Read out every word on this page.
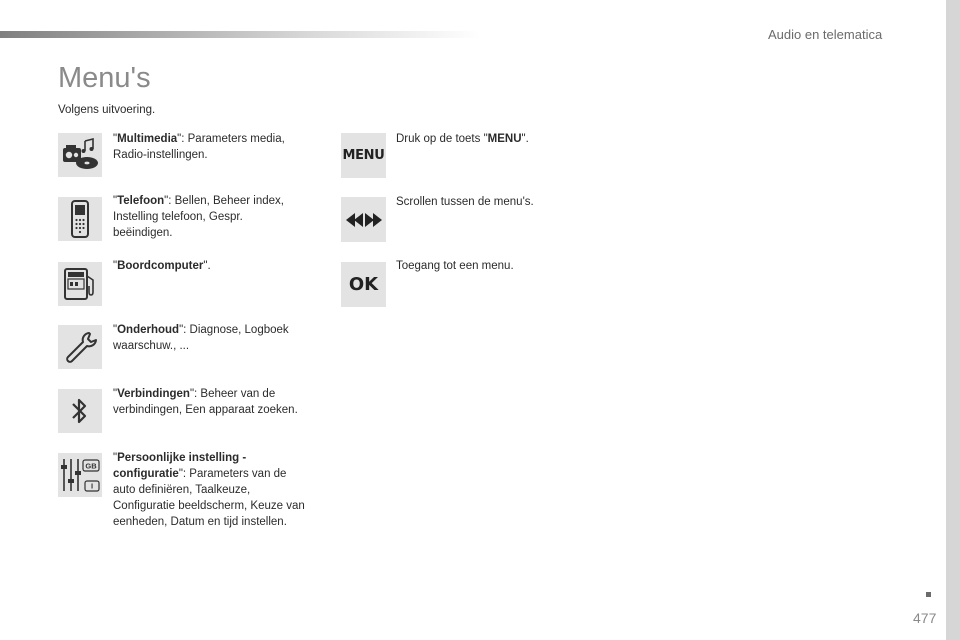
Audio en telematica
Menu's
Volgens uitvoering.
"Multimedia": Parameters media, Radio-instellingen.
"Telefoon": Bellen, Beheer index, Instelling telefoon, Gespr. beëindigen.
"Boordcomputer".
"Onderhoud": Diagnose, Logboek waarschuw., ...
"Verbindingen": Beheer van de verbindingen, Een apparaat zoeken.
GB
I
"Persoonlijke instelling - configuratie": Parameters van de auto definiëren, Taalkeuze, Configuratie beeldscherm, Keuze van eenheden, Datum en tijd instellen.
MENU
Druk op de toets "MENU".
Scrollen tussen de menu's.
OK
Toegang tot een menu.
477
